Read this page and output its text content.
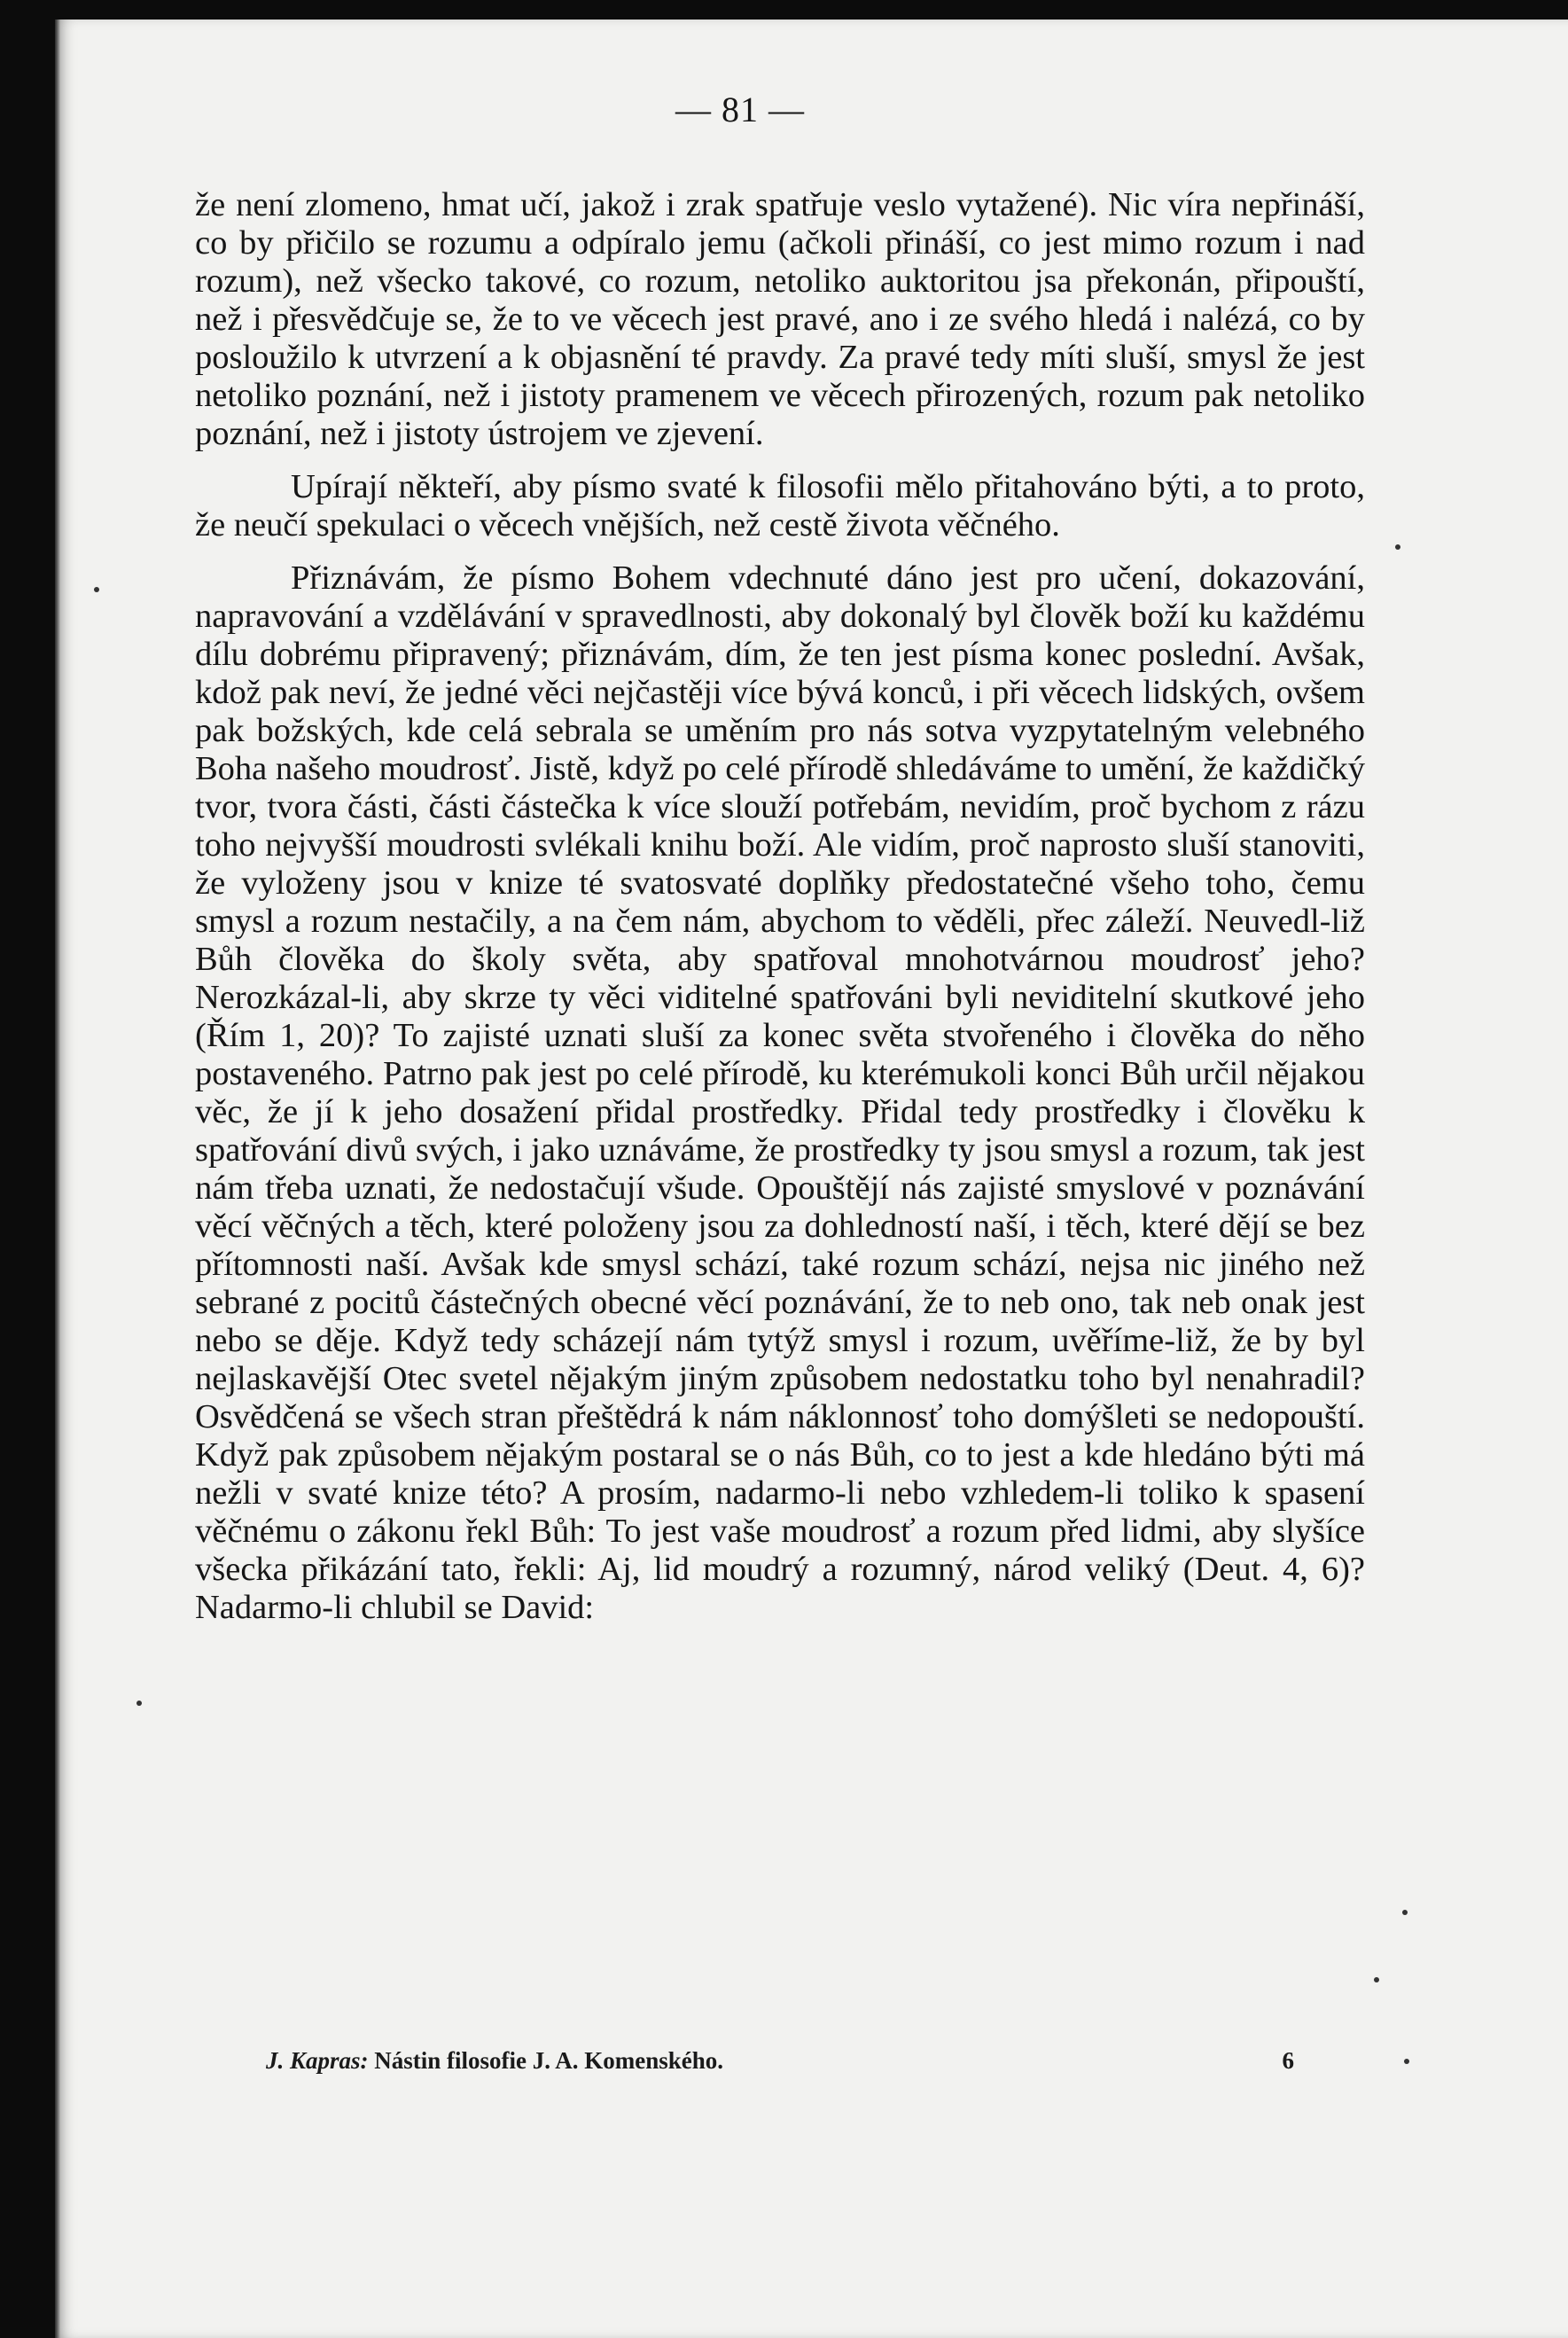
— 81 —

že není zlomeno, hmat učí, jakož i zrak spatřuje veslo vytažené). Nic víra nepřináší, co by přičilo se rozumu a odpíralo jemu (ačkoli přináší, co jest mimo rozum i nad rozum), než všecko takové, co rozum, netoliko auktoritou jsa překonán, připouští, než i přesvědčuje se, že to ve věcech jest pravé, ano i ze svého hledá i nalézá, co by posloužilo k utvrzení a k objasnění té pravdy. Za pravé tedy míti sluší, smysl že jest netoliko poznání, než i jistoty pramenem ve věcech přirozených, rozum pak netoliko poznání, než i jistoty ústrojem ve zjevení.

Upírají někteří, aby písmo svaté k filosofii mělo přitahováno býti, a to proto, že neučí spekulaci o věcech vnějších, než cestě života věčného.

Přiznávám, že písmo Bohem vdechnuté dáno jest pro učení, dokazování, napravování a vzdělávání v spravedlnosti, aby dokonalý byl člověk boží ku každému dílu dobrému připravený; přiznávám, dím, že ten jest písma konec poslední. Avšak, kdož pak neví, že jedné věci nejčastěji více bývá konců, i při věcech lidských, ovšem pak božských, kde celá sebrala se uměním pro nás sotva vyzpytatelným velebného Boha našeho moudrosť. Jistě, když po celé přírodě shledáváme to umění, že každičký tvor, tvora části, části částečka k více slouží potřebám, nevidím, proč bychom z rázu toho nejvyšší moudrosti svlékali knihu boží. Ale vidím, proč naprosto sluší stanoviti, že vyloženy jsou v knize té svatosvaté doplňky předostatečné všeho toho, čemu smysl a rozum nestačily, a na čem nám, abychom to věděli, přec záleží. Neuvedl-liž Bůh člověka do školy světa, aby spatřoval mnohotvárnou moudrosť jeho? Nerozkázal-li, aby skrze ty věci viditelné spatřováni byli neviditelní skutkové jeho (Řím 1, 20)? To zajisté uznati sluší za konec světa stvořeného i člověka do něho postaveného. Patrno pak jest po celé přírodě, ku kterémukoli konci Bůh určil nějakou věc, že jí k jeho dosažení přidal prostředky. Přidal tedy prostředky i člověku k spatřování divů svých, i jako uznáváme, že prostředky ty jsou smysl a rozum, tak jest nám třeba uznati, že nedostačují všude. Opouštějí nás zajisté smyslové v poznávání věcí věčných a těch, které položeny jsou za dohledností naší, i těch, které dějí se bez přítomnosti naší. Avšak kde smysl schází, také rozum schází, nejsa nic jiného než sebrané z pocitů částečných obecné věcí poznávání, že to neb ono, tak neb onak jest nebo se děje. Když tedy scházejí nám tytýž smysl i rozum, uvěříme-liž, že by byl nejlaskavější Otec svetel nějakým jiným způsobem nedostatku toho byl nenahradil? Osvědčená se všech stran přeštědrá k nám náklonnosť toho domýšleti se nedopouští. Když pak způsobem nějakým postaral se o nás Bůh, co to jest a kde hledáno býti má nežli v svaté knize této? A prosím, nadarmo-li nebo vzhledem-li toliko k spasení věčnému o zákonu řekl Bůh: To jest vaše moudrosť a rozum před lidmi, aby slyšíce všecka přikázání tato, řekli: Aj, lid moudrý a rozumný, národ veliký (Deut. 4, 6)? Nadarmo-li chlubil se David:

J. Kapras: Nástin filosofie J. A. Komenského.	6
